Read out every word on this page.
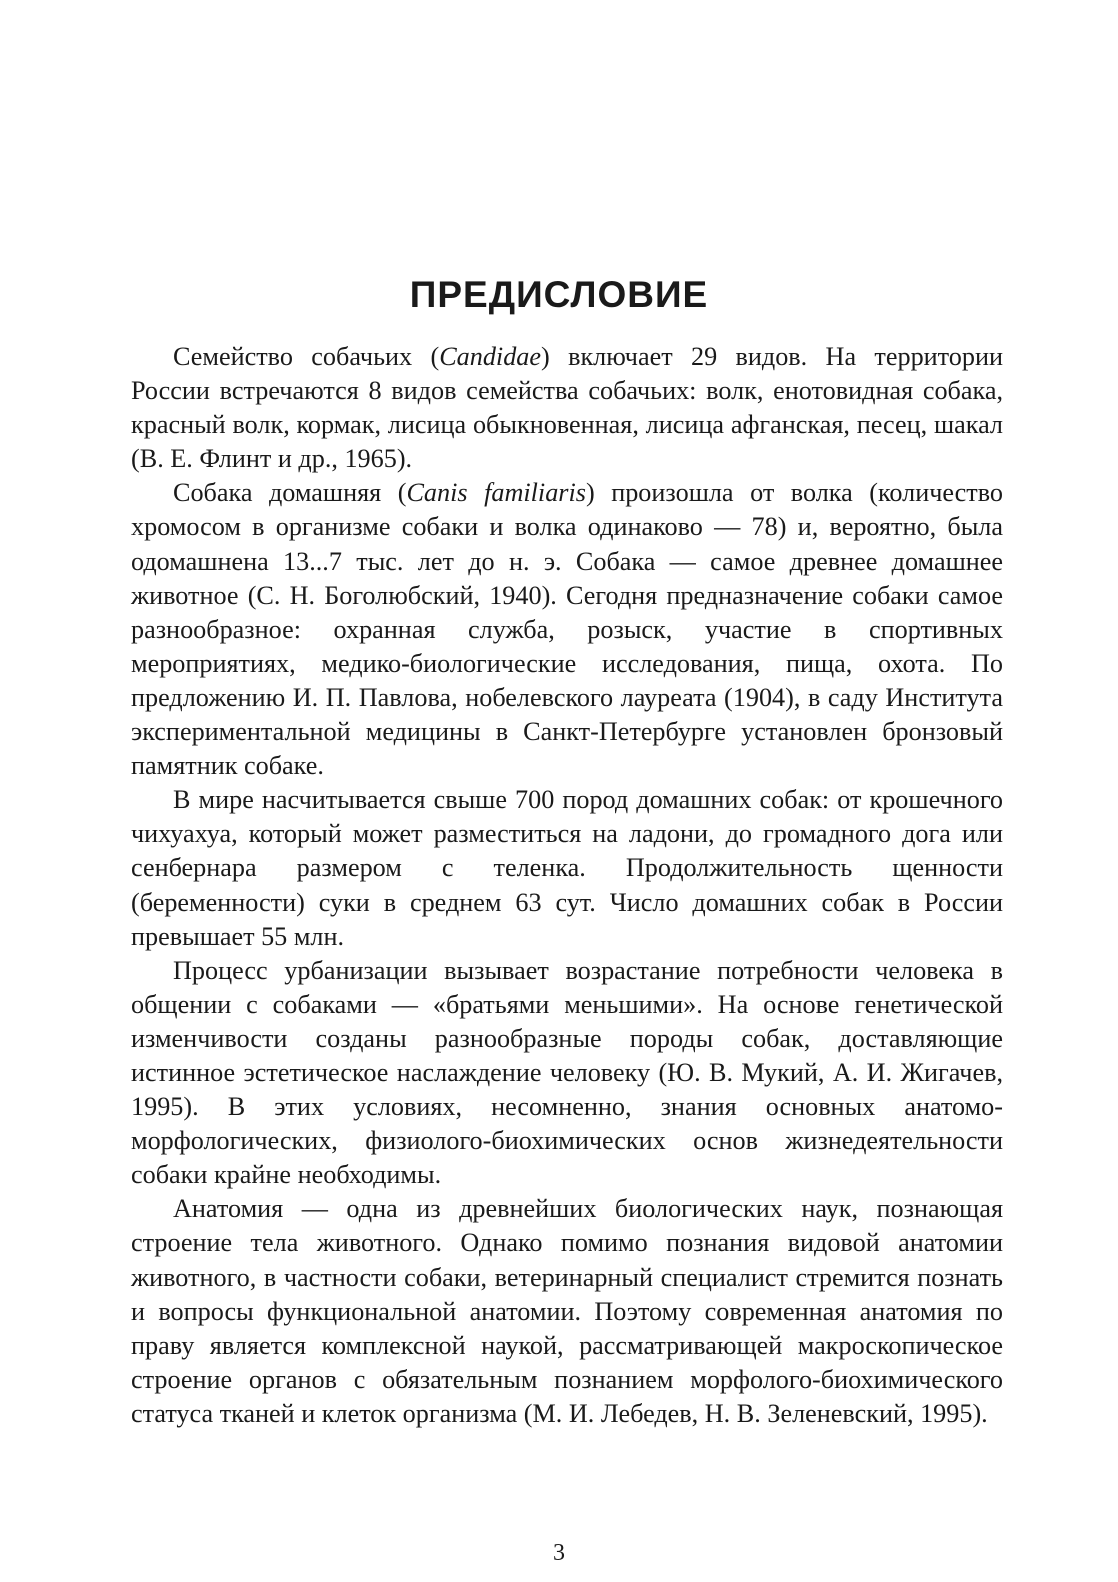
ПРЕДИСЛОВИЕ

Семейство собачьих (Candidae) включает 29 видов. На территории России встречаются 8 видов семейства собачьих: волк, енотовидная собака, красный волк, кормак, лисица обыкновенная, лисица афганская, песец, шакал (В. Е. Флинт и др., 1965).

Собака домашняя (Canis familiaris) произошла от волка (количество хромосом в организме собаки и волка одинаково — 78) и, вероятно, была одомашнена 13...7 тыс. лет до н. э. Собака — самое древнее домашнее животное (С. Н. Боголюбский, 1940). Сегодня предназначение собаки самое разнообразное: охранная служба, розыск, участие в спортивных мероприятиях, медико-биологические исследования, пища, охота. По предложению И. П. Павлова, нобелевского лауреата (1904), в саду Института экспериментальной медицины в Санкт-Петербурге установлен бронзовый памятник собаке.

В мире насчитывается свыше 700 пород домашних собак: от крошечного чихуахуа, который может разместиться на ладони, до громадного дога или сенбернара размером с теленка. Продолжительность щенности (беременности) суки в среднем 63 сут. Число домашних собак в России превышает 55 млн.

Процесс урбанизации вызывает возрастание потребности человека в общении с собаками — «братьями меньшими». На основе генетической изменчивости созданы разнообразные породы собак, доставляющие истинное эстетическое наслаждение человеку (Ю. В. Мукий, А. И. Жигачев, 1995). В этих условиях, несомненно, знания основных анатомо-морфологических, физиолого-биохимических основ жизнедеятельности собаки крайне необходимы.

Анатомия — одна из древнейших биологических наук, познающая строение тела животного. Однако помимо познания видовой анатомии животного, в частности собаки, ветеринарный специалист стремится познать и вопросы функциональной анатомии. Поэтому современная анатомия по праву является комплексной наукой, рассматривающей макроскопическое строение органов с обязательным познанием морфолого-биохимического статуса тканей и клеток организма (М. И. Лебедев, Н. В. Зеленевский, 1995).

3
